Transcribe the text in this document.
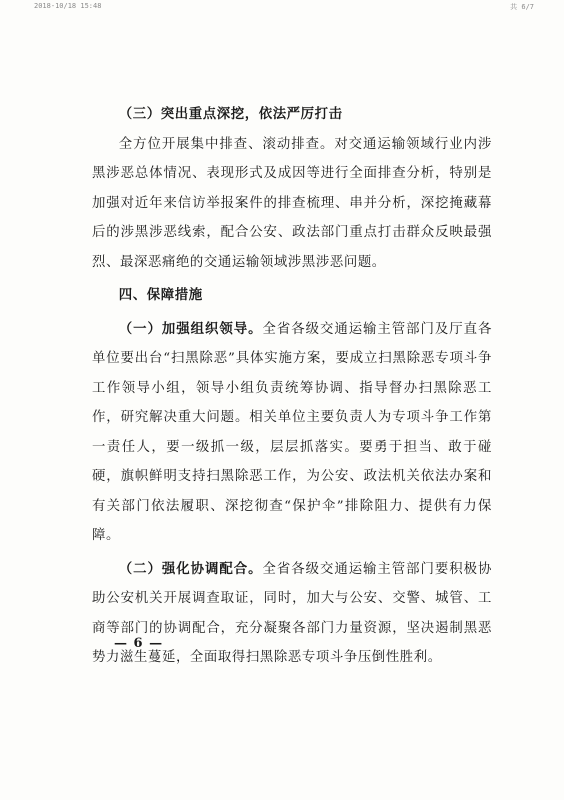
2018-10/18 15:48	共 6/7

（三）突出重点深挖，依法严厉打击

全方位开展集中排查、滚动排查。对交通运输领域行业内涉黑涉恶总体情况、表现形式及成因等进行全面排查分析，特别是加强对近年来信访举报案件的排查梳理、串并分析，深挖掩藏幕后的涉黑涉恶线索，配合公安、政法部门重点打击群众反映最强烈、最深恶痛绝的交通运输领域涉黑涉恶问题。

四、保障措施

（一）加强组织领导。全省各级交通运输主管部门及厅直各单位要出台“扫黑除恶”具体实施方案，要成立扫黑除恶专项斗争工作领导小组，领导小组负责统筹协调、指导督办扫黑除恶工作，研究解决重大问题。相关单位主要负责人为专项斗争工作第一责任人，要一级抓一级，层层抓落实。要勇于担当、敢于碰硬，旗帜鲜明支持扫黑除恶工作，为公安、政法机关依法办案和有关部门依法履职、深挖彻查“保护伞”排除阻力、提供有力保障。

（二）强化协调配合。全省各级交通运输主管部门要积极协助公安机关开展调查取证，同时，加大与公安、交警、城管、工商等部门的协调配合，充分凝聚各部门力量资源，坚决遏制黑恶势力滋生蔓延，全面取得扫黑除恶专项斗争压倒性胜利。

— 6 —
